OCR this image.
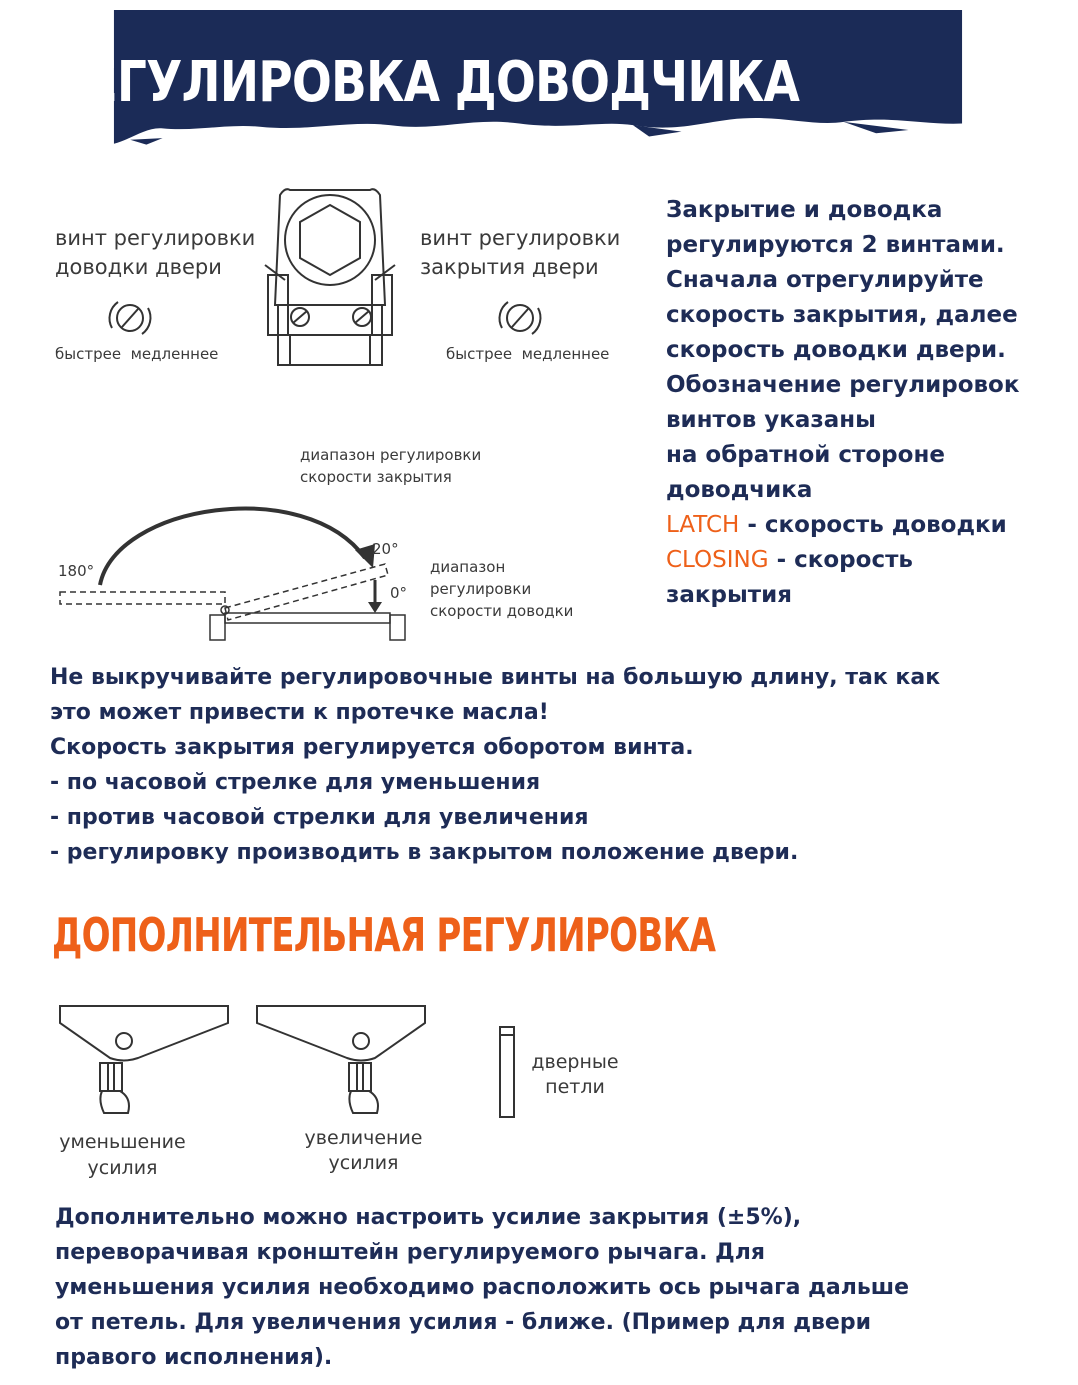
РЕГУЛИРОВКА ДОВОДЧИКА
винт регулировки
доводки двери
винт регулировки
закрытия двери
быстрее  медленнее	быстрее  медленнее
диапазон регулировки
скорости закрытия
180°
20°
0°
диапазон
регулировки
скорости доводки
Закрытие и доводка
регулируются 2 винтами.
Сначала отрегулируйте
скорость закрытия, далее
скорость доводки двери.
Обозначение регулировок
винтов указаны
на обратной стороне
доводчика
LATCH - скорость доводки
CLOSING - скорость
закрытия
Не выкручивайте регулировочные винты на большую длину, так как
это может привести к протечке масла!
Скорость закрытия регулируется оборотом винта.
- по часовой стрелке для уменьшения
- против часовой стрелки для увеличения
- регулировку производить в закрытом положение двери.
ДОПОЛНИТЕЛЬНАЯ РЕГУЛИРОВКА
уменьшение
усилия
увеличение
усилия
дверные
петли
Дополнительно можно настроить усилие закрытия (±5%),
переворачивая кронштейн регулируемого рычага. Для
уменьшения усилия необходимо расположить ось рычага дальше
от петель. Для увеличения усилия - ближе. (Пример для двери
правого исполнения).
